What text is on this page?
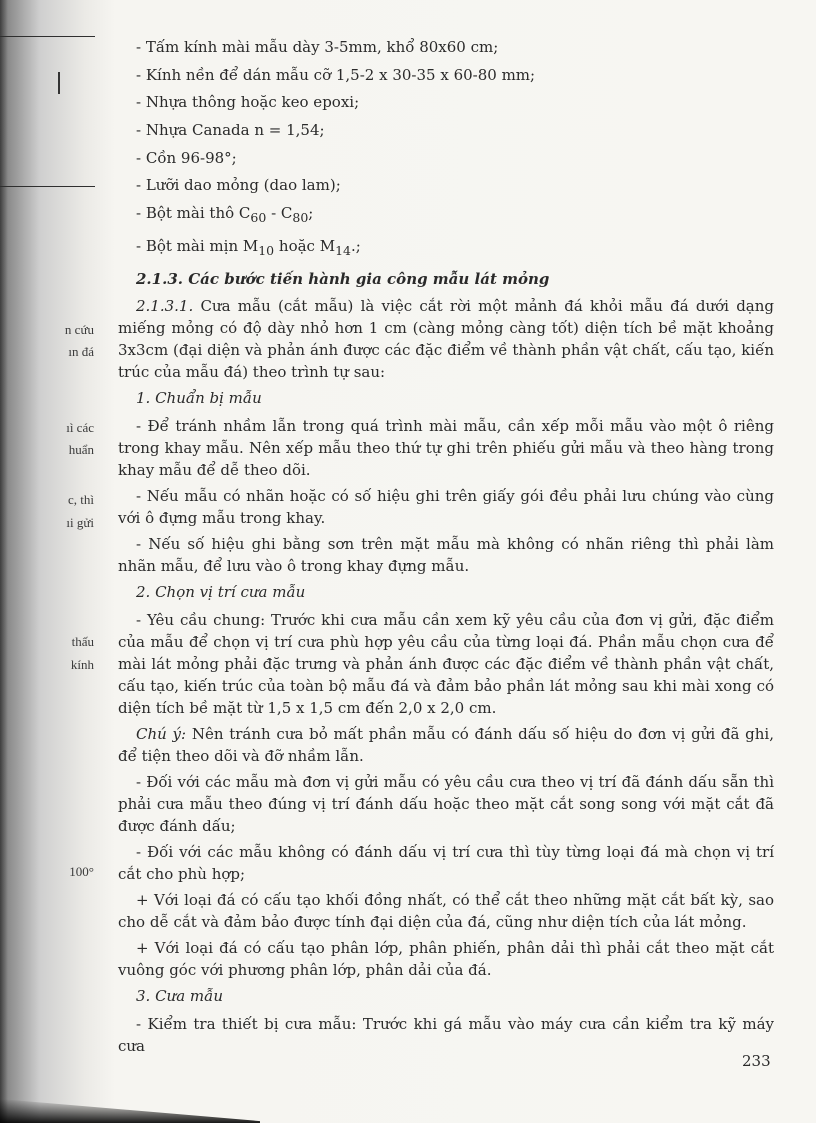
n cứu
ın đá
ıì các
huẩn
c, thì
ıi gửi
thấu
kính
100°

- Tấm kính mài mẫu dày 3-5mm, khổ 80x60 cm;

- Kính nền để dán mẫu cỡ 1,5-2 x 30-35 x 60-80 mm;

- Nhựa thông hoặc keo epoxi;

- Nhựa Canada n = 1,54;

- Cồn 96-98°;

- Lưỡi dao mỏng (dao lam);

- Bột mài thô $C_{60} - C_{80}$;

- Bột mài mịn $M_{10}$ hoặc $M_{14}$.;

2.1.3. Các bước tiến hành gia công mẫu lát mỏng

2.1.3.1. Cưa mẫu (cắt mẫu) là việc cắt rời một mảnh đá khỏi mẫu đá dưới dạng miếng mỏng có độ dày nhỏ hơn 1 cm (càng mỏng càng tốt) diện tích bề mặt khoảng 3x3cm (đại diện và phản ánh được các đặc điểm về thành phần vật chất, cấu tạo, kiến trúc của mẫu đá) theo trình tự sau:

1. Chuẩn bị mẫu

- Để tránh nhầm lẫn trong quá trình mài mẫu, cần xếp mỗi mẫu vào một ô riêng trong khay mẫu. Nên xếp mẫu theo thứ tự ghi trên phiếu gửi mẫu và theo hàng trong khay mẫu để dễ theo dõi.

- Nếu mẫu có nhãn hoặc có số hiệu ghi trên giấy gói đều phải lưu chúng vào cùng với ô đựng mẫu trong khay.

- Nếu số hiệu ghi bằng sơn trên mặt mẫu mà không có nhãn riêng thì phải làm nhãn mẫu, để lưu vào ô trong khay đựng mẫu.

2. Chọn vị trí cưa mẫu

- Yêu cầu chung: Trước khi cưa mẫu cần xem kỹ yêu cầu của đơn vị gửi, đặc điểm của mẫu để chọn vị trí cưa phù hợp yêu cầu của từng loại đá. Phần mẫu chọn cưa để mài lát mỏng phải đặc trưng và phản ánh được các đặc điểm về thành phần vật chất, cấu tạo, kiến trúc của toàn bộ mẫu đá và đảm bảo phần lát mỏng sau khi mài xong có diện tích bề mặt từ 1,5 x 1,5 cm đến 2,0 x 2,0 cm.

Chú ý: Nên tránh cưa bỏ mất phần mẫu có đánh dấu số hiệu do đơn vị gửi đã ghi, để tiện theo dõi và đỡ nhầm lẫn.

- Đối với các mẫu mà đơn vị gửi mẫu có yêu cầu cưa theo vị trí đã đánh dấu sẵn thì phải cưa mẫu theo đúng vị trí đánh dấu hoặc theo mặt cắt song song với mặt cắt đã được đánh dấu;

- Đối với các mẫu không có đánh dấu vị trí cưa thì tùy từng loại đá mà chọn vị trí cắt cho phù hợp;

+ Với loại đá có cấu tạo khối đồng nhất, có thể cắt theo những mặt cắt bất kỳ, sao cho dễ cắt và đảm bảo được tính đại diện của đá, cũng như diện tích của lát mỏng.

+ Với loại đá có cấu tạo phân lớp, phân phiến, phân dải thì phải cắt theo mặt cắt vuông góc với phương phân lớp, phân dải của đá.

3. Cưa mẫu

- Kiểm tra thiết bị cưa mẫu: Trước khi gá mẫu vào máy cưa cần kiểm tra kỹ máy cưa

233
